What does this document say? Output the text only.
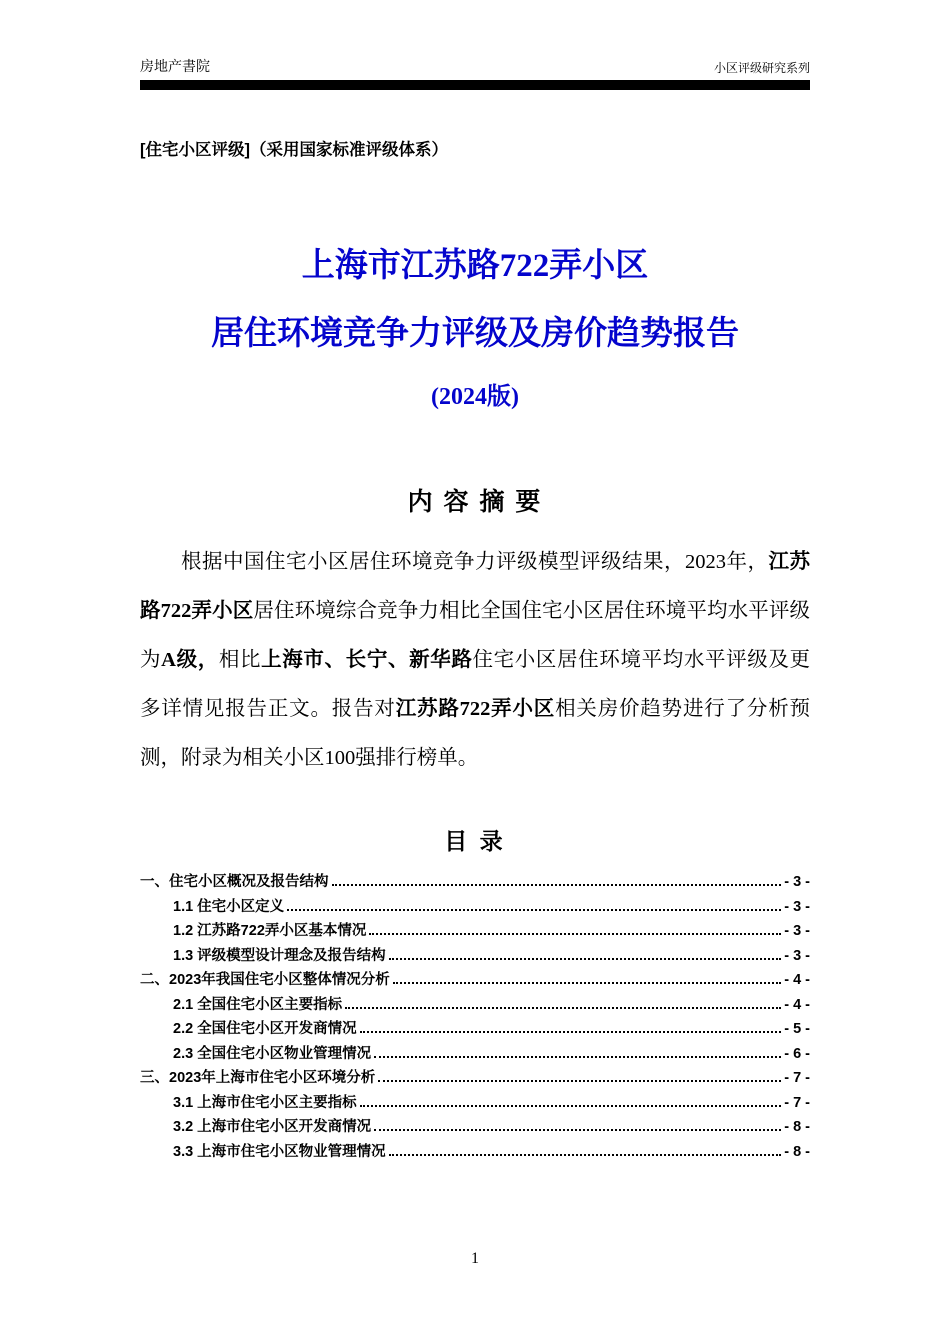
房地产書院	小区评级研究系列
[住宅小区评级]（采用国家标准评级体系）
上海市江苏路722弄小区
居住环境竞争力评级及房价趋势报告
(2024版)
内 容 摘 要

根据中国住宅小区居住环境竞争力评级模型评级结果，2023年，江苏路722弄小区居住环境综合竞争力相比全国住宅小区居住环境平均水平评级为A级，相比上海市、长宁、新华路住宅小区居住环境平均水平评级及更多详情见报告正文。报告对江苏路722弄小区相关房价趋势进行了分析预测，附录为相关小区100强排行榜单。

目 录
一、住宅小区概况及报告结构	- 3 -
1.1 住宅小区定义	- 3 -
1.2 江苏路722弄小区基本情况	- 3 -
1.3 评级模型设计理念及报告结构	- 3 -
二、2023年我国住宅小区整体情况分析	- 4 -
2.1 全国住宅小区主要指标	- 4 -
2.2 全国住宅小区开发商情况	- 5 -
2.3 全国住宅小区物业管理情况	- 6 -
三、2023年上海市住宅小区环境分析	- 7 -
3.1 上海市住宅小区主要指标	- 7 -
3.2 上海市住宅小区开发商情况	- 8 -
3.3 上海市住宅小区物业管理情况	- 8 -
1
